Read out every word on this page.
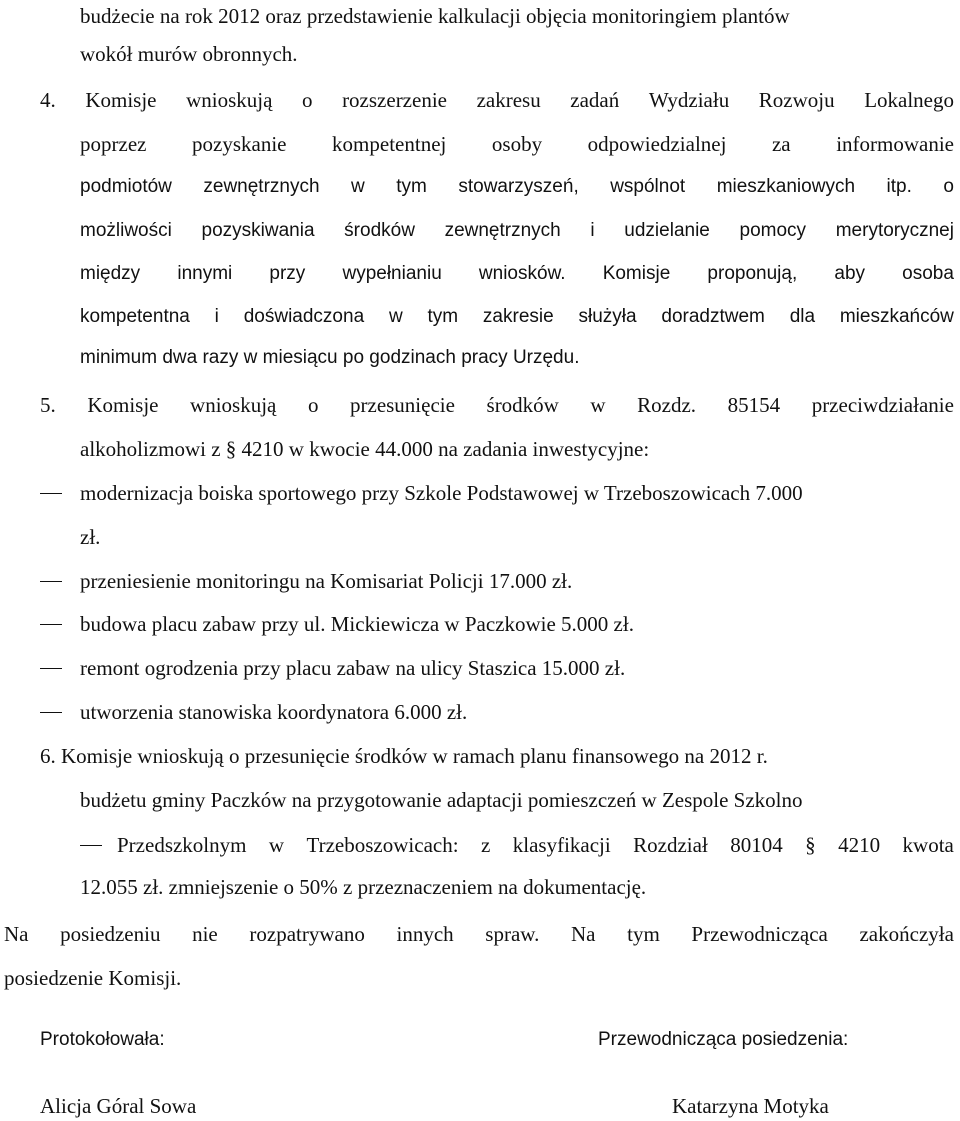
budżecie na rok 2012 oraz przedstawienie kalkulacji objęcia monitoringiem plantów
wokół murów obronnych.
4. Komisje wnioskują o rozszerzenie zakresu zadań Wydziału Rozwoju Lokalnego
poprzez pozyskanie kompetentnej osoby odpowiedzialnej za informowanie
podmiotów zewnętrznych w tym stowarzyszeń, wspólnot mieszkaniowych itp. o
możliwości pozyskiwania środków zewnętrznych i udzielanie pomocy merytorycznej
między innymi przy wypełnianiu wniosków. Komisje proponują, aby osoba
kompetentna i doświadczona w tym zakresie służyła doradztwem dla mieszkańców
minimum dwa razy w miesiącu po godzinach pracy Urzędu.
5. Komisje wnioskują o przesunięcie środków w Rozdz. 85154 przeciwdziałanie
alkoholizmowi z § 4210 w kwocie 44.000 na zadania inwestycyjne:
modernizacja boiska sportowego przy Szkole Podstawowej w Trzeboszowicach 7.000
zł.
przeniesienie monitoringu na Komisariat Policji 17.000 zł.
budowa placu zabaw przy ul. Mickiewicza w Paczkowie 5.000 zł.
remont ogrodzenia przy placu zabaw na ulicy Staszica 15.000 zł.
utworzenia stanowiska koordynatora 6.000 zł.
6. Komisje wnioskują o przesunięcie środków w ramach planu finansowego na 2012 r.
budżetu gminy Paczków na przygotowanie adaptacji pomieszczeń w Zespole Szkolno
Przedszkolnym w Trzeboszowicach: z klasyfikacji Rozdział 80104 § 4210 kwota
12.055 zł. zmniejszenie o 50% z przeznaczeniem na dokumentację.
Na posiedzeniu nie rozpatrywano innych spraw. Na tym Przewodnicząca zakończyła
posiedzenie Komisji.
Protokołowała:	Przewodnicząca posiedzenia:
Alicja Góral Sowa	Katarzyna Motyka
